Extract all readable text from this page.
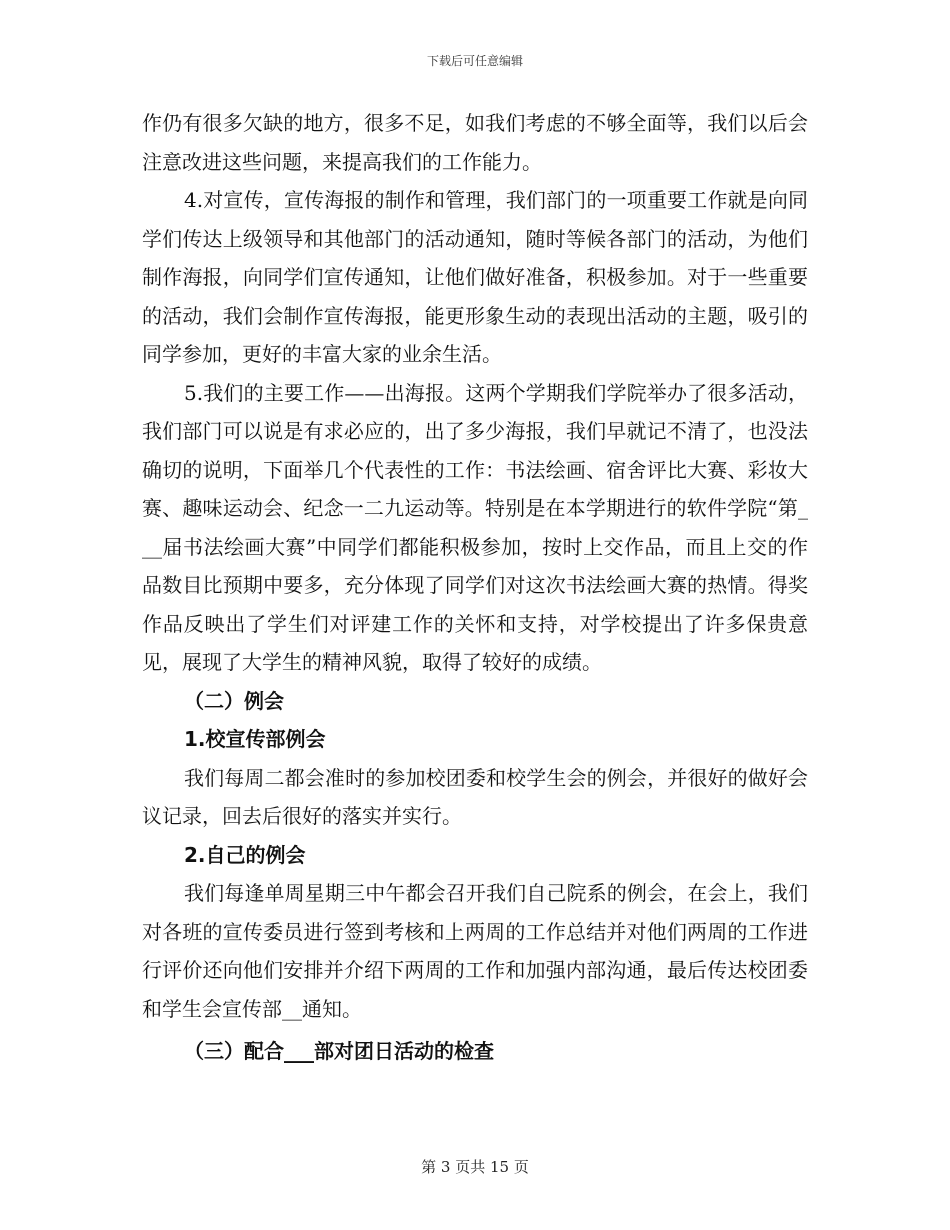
下载后可任意编辑

作仍有很多欠缺的地方，很多不足，如我们考虑的不够全面等，我们以后会注意改进这些问题，来提高我们的工作能力。

4.对宣传，宣传海报的制作和管理，我们部门的一项重要工作就是向同学们传达上级领导和其他部门的活动通知，随时等候各部门的活动，为他们制作海报，向同学们宣传通知，让他们做好准备，积极参加。对于一些重要的活动，我们会制作宣传海报，能更形象生动的表现出活动的主题，吸引的同学参加，更好的丰富大家的业余生活。

5.我们的主要工作——出海报。这两个学期我们学院举办了很多活动，我们部门可以说是有求必应的，出了多少海报，我们早就记不清了，也没法确切的说明，下面举几个代表性的工作：书法绘画、宿舍评比大赛、彩妆大赛、趣味运动会、纪念一二九运动等。特别是在本学期进行的软件学院“第___届书法绘画大赛”中同学们都能积极参加，按时上交作品，而且上交的作品数目比预期中要多，充分体现了同学们对这次书法绘画大赛的热情。得奖作品反映出了学生们对评建工作的关怀和支持，对学校提出了许多保贵意见，展现了大学生的精神风貌，取得了较好的成绩。

（二）例会

1.校宣传部例会

我们每周二都会准时的参加校团委和校学生会的例会，并很好的做好会议记录，回去后很好的落实并实行。

2.自己的例会

我们每逢单周星期三中午都会召开我们自己院系的例会，在会上，我们对各班的宣传委员进行签到考核和上两周的工作总结并对他们两周的工作进行评价还向他们安排并介绍下两周的工作和加强内部沟通，最后传达校团委和学生会宣传部__通知。

（三）配合___部对团日活动的检查

第 3 页共 15 页
